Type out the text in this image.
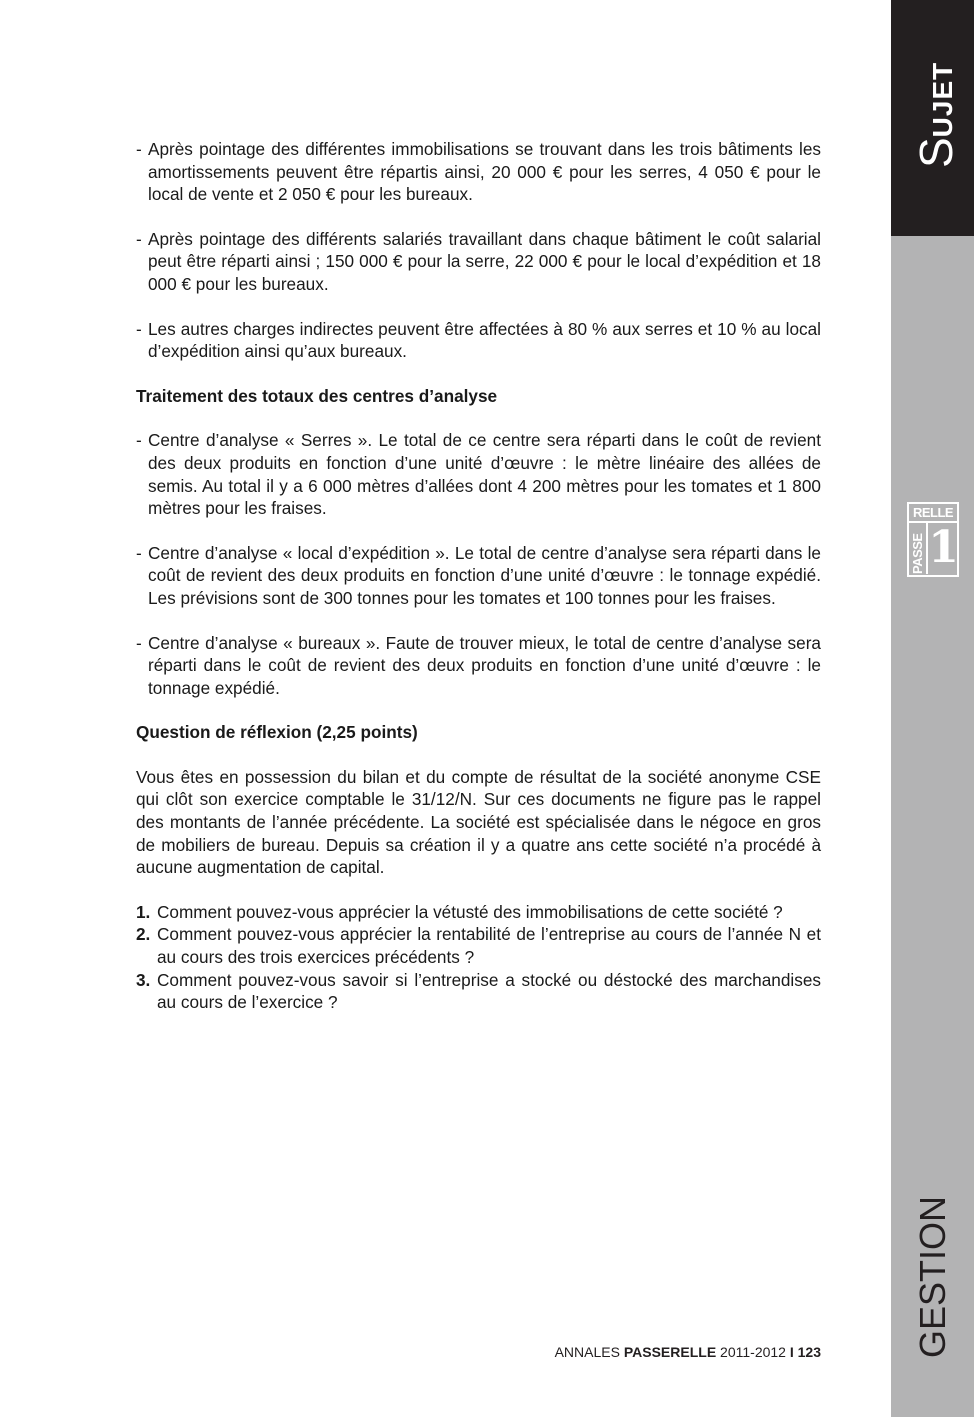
- Après pointage des différentes immobilisations se trouvant dans les trois bâtiments les amortissements peuvent être répartis ainsi, 20 000 € pour les serres, 4 050 € pour le local de vente et 2 050 € pour les bureaux.
- Après pointage des différents salariés travaillant dans chaque bâtiment le coût salarial peut être réparti ainsi ; 150 000 € pour la serre, 22 000 € pour le local d’expédition et 18 000 € pour les bureaux.
- Les autres charges indirectes peuvent être affectées à 80 % aux serres et 10 % au local d’expédition ainsi qu’aux bureaux.
Traitement des totaux des centres d’analyse
- Centre d’analyse « Serres ». Le total de ce centre sera réparti dans le coût de revient des deux produits en fonction d’une unité d’œuvre : le mètre linéaire des allées de semis. Au total il y a 6 000 mètres d’allées dont 4 200 mètres pour les tomates et 1 800 mètres pour les fraises.
- Centre d’analyse « local d’expédition ». Le total de centre d’analyse sera réparti dans le coût de revient des deux produits en fonction d’une unité d’œuvre : le tonnage expédié. Les prévisions sont de 300 tonnes pour les tomates et 100 tonnes pour les fraises.
- Centre d’analyse « bureaux ». Faute de trouver mieux, le total de centre d’analyse sera réparti dans le coût de revient des deux produits en fonction d’une unité d’œuvre : le tonnage expédié.
Question de réflexion (2,25 points)
Vous êtes en possession du bilan et du compte de résultat de la société anonyme CSE qui clôt son exercice comptable le 31/12/N. Sur ces documents ne figure pas le rappel des montants de l’année précédente. La société est spécialisée dans le négoce en gros de mobiliers de bureau. Depuis sa création il y a quatre ans cette société n’a procédé à aucune augmentation de capital.
1. Comment pouvez-vous apprécier la vétusté des immobilisations de cette société ?
2. Comment pouvez-vous apprécier la rentabilité de l’entreprise au cours de l’année N et au cours des trois exercices précédents ?
3. Comment pouvez-vous savoir si l’entreprise a stocké ou déstocké des marchandises au cours de l’exercice ?
SUJET
RELLE
PASSE 1
GESTION
ANNALES PASSERELLE 2011-2012 I 123
